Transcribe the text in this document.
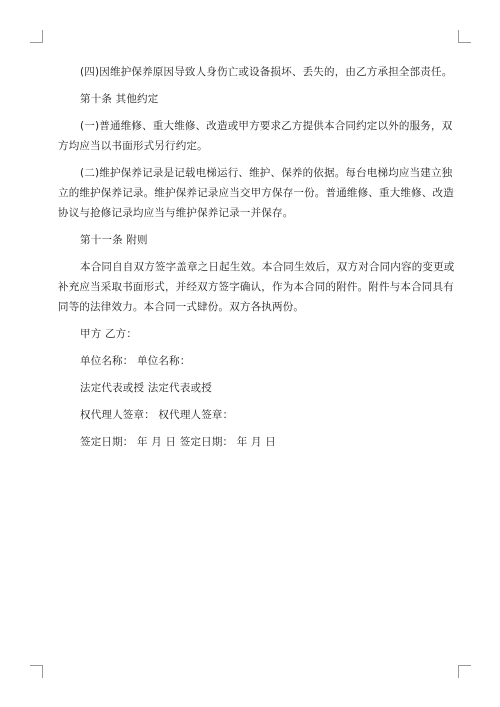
(四)因维护保养原因导致人身伤亡或设备损坏、丢失的，由乙方承担全部责任。
第十条 其他约定
(一)普通维修、重大维修、改造或甲方要求乙方提供本合同约定以外的服务，双
方均应当以书面形式另行约定。
(二)维护保养记录是记载电梯运行、维护、保养的依据。每台电梯均应当建立独
立的维护保养记录。维护保养记录应当交甲方保存一份。普通维修、重大维修、改造
协议与抢修记录均应当与维护保养记录一并保存。
第十一条 附则
本合同自自双方签字盖章之日起生效。本合同生效后，双方对合同内容的变更或
补充应当采取书面形式，并经双方签字确认，作为本合同的附件。附件与本合同具有
同等的法律效力。本合同一式肆份。双方各执两份。
甲方 乙方：
单位名称： 单位名称：
法定代表或授 法定代表或授
权代理人签章： 权代理人签章：
签定日期： 年 月 日 签定日期： 年 月 日
